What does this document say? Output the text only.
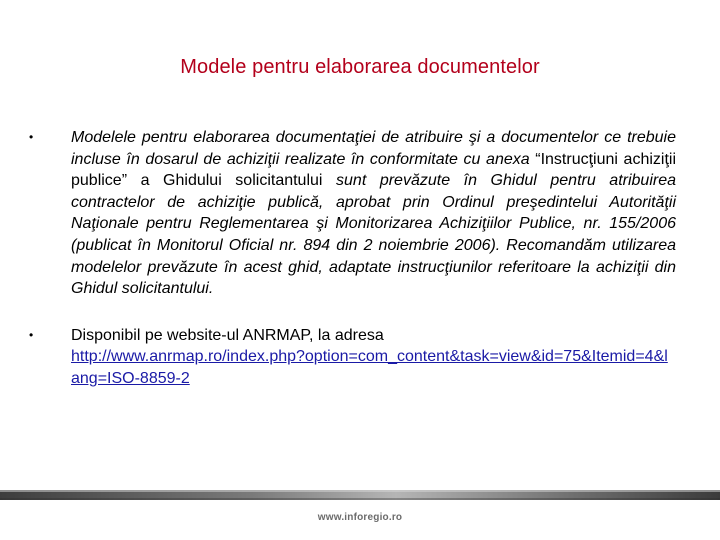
Modele pentru elaborarea documentelor
•	Modelele pentru elaborarea documentaţiei de atribuire şi a documentelor ce trebuie incluse în dosarul de achiziţii realizate în conformitate cu anexa “Instrucţiuni achiziţii publice” a Ghidului solicitantului sunt prevăzute în Ghidul pentru atribuirea contractelor de achiziţie publică, aprobat prin Ordinul preşedintelui Autorităţii Naţionale pentru Reglementarea şi Monitorizarea Achiziţiilor Publice, nr. 155/2006 (publicat în Monitorul Oficial nr. 894 din 2 noiembrie 2006). Recomandăm utilizarea modelelor prevăzute în acest ghid, adaptate instrucţiunilor referitoare la achiziţii din Ghidul solicitantului.
•	Disponibil pe website-ul ANRMAP, la adresa
http://www.anrmap.ro/index.php?option=com_content&task=view&id=75&Itemid=4&lang=ISO-8859-2
www.inforegio.ro
